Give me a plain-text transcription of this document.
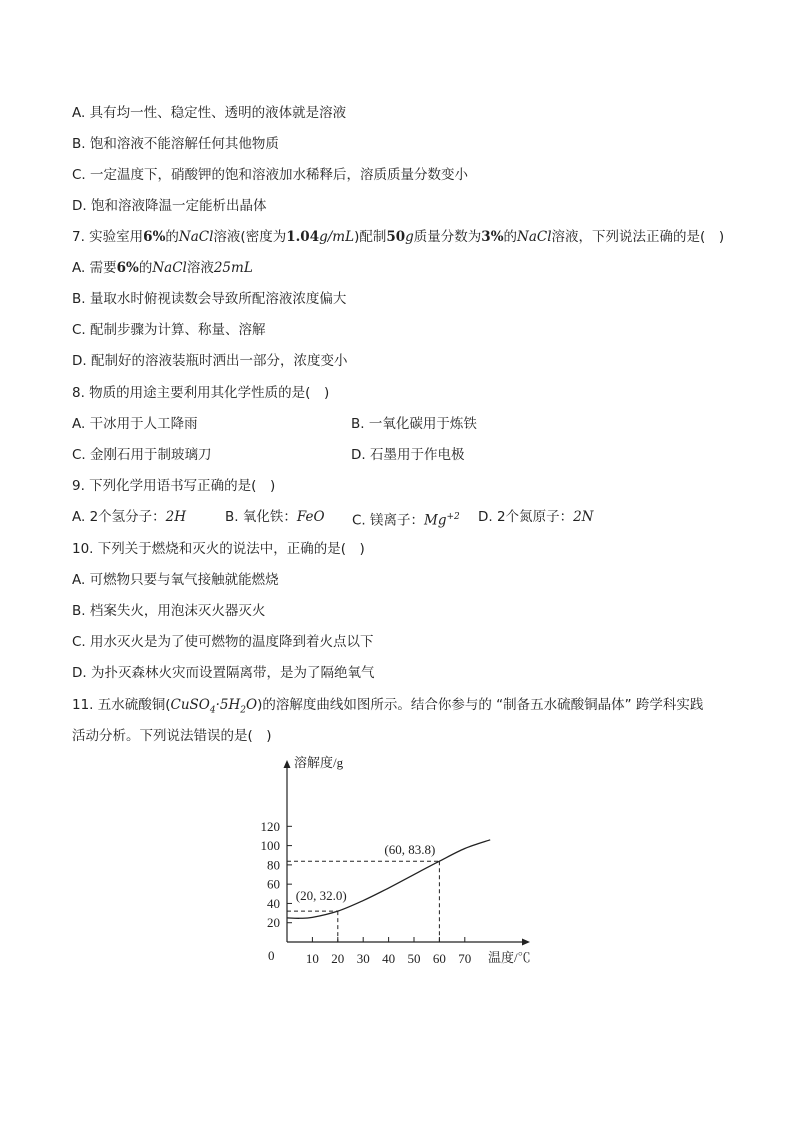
A. 具有均一性、稳定性、透明的液体就是溶液
B. 饱和溶液不能溶解任何其他物质
C. 一定温度下，硝酸钾的饱和溶液加水稀释后，溶质质量分数变小
D. 饱和溶液降温一定能析出晶体
7. 实验室用6%的NaCl溶液(密度为1.04g/mL)配制50g质量分数为3%的NaCl溶液，下列说法正确的是( )
A. 需要6%的NaCl溶液25mL
B. 量取水时俯视读数会导致所配溶液浓度偏大
C. 配制步骤为计算、称量、溶解
D. 配制好的溶液装瓶时洒出一部分，浓度变小
8. 物质的用途主要利用其化学性质的是( )
A. 干冰用于人工降雨	B. 一氧化碳用于炼铁
C. 金刚石用于制玻璃刀	D. 石墨用于作电极
9. 下列化学用语书写正确的是( )
A. 2个氢分子：2H	B. 氧化铁：FeO C. 镁离子：$Mg^{+2}$ D. 2个氮原子：2N
10. 下列关于燃烧和灭火的说法中，正确的是( )
A. 可燃物只要与氧气接触就能燃烧
B. 档案失火，用泡沫灭火器灭火
C. 用水灭火是为了使可燃物的温度降到着火点以下
D. 为扑灭森林火灾而设置隔离带，是为了隔绝氧气
11. 五水硫酸铜$(CuSO_4\cdot 5H_2O)$的溶解度曲线如图所示。结合你参与的 “制备五水硫酸铜晶体” 跨学科实践
活动分析。下列说法错误的是( )
溶解度/g
温度/℃
0 10 20 30 40 50 60 70
20
40
60
80
100
120
(20, 32.0)
(60, 83.8)
